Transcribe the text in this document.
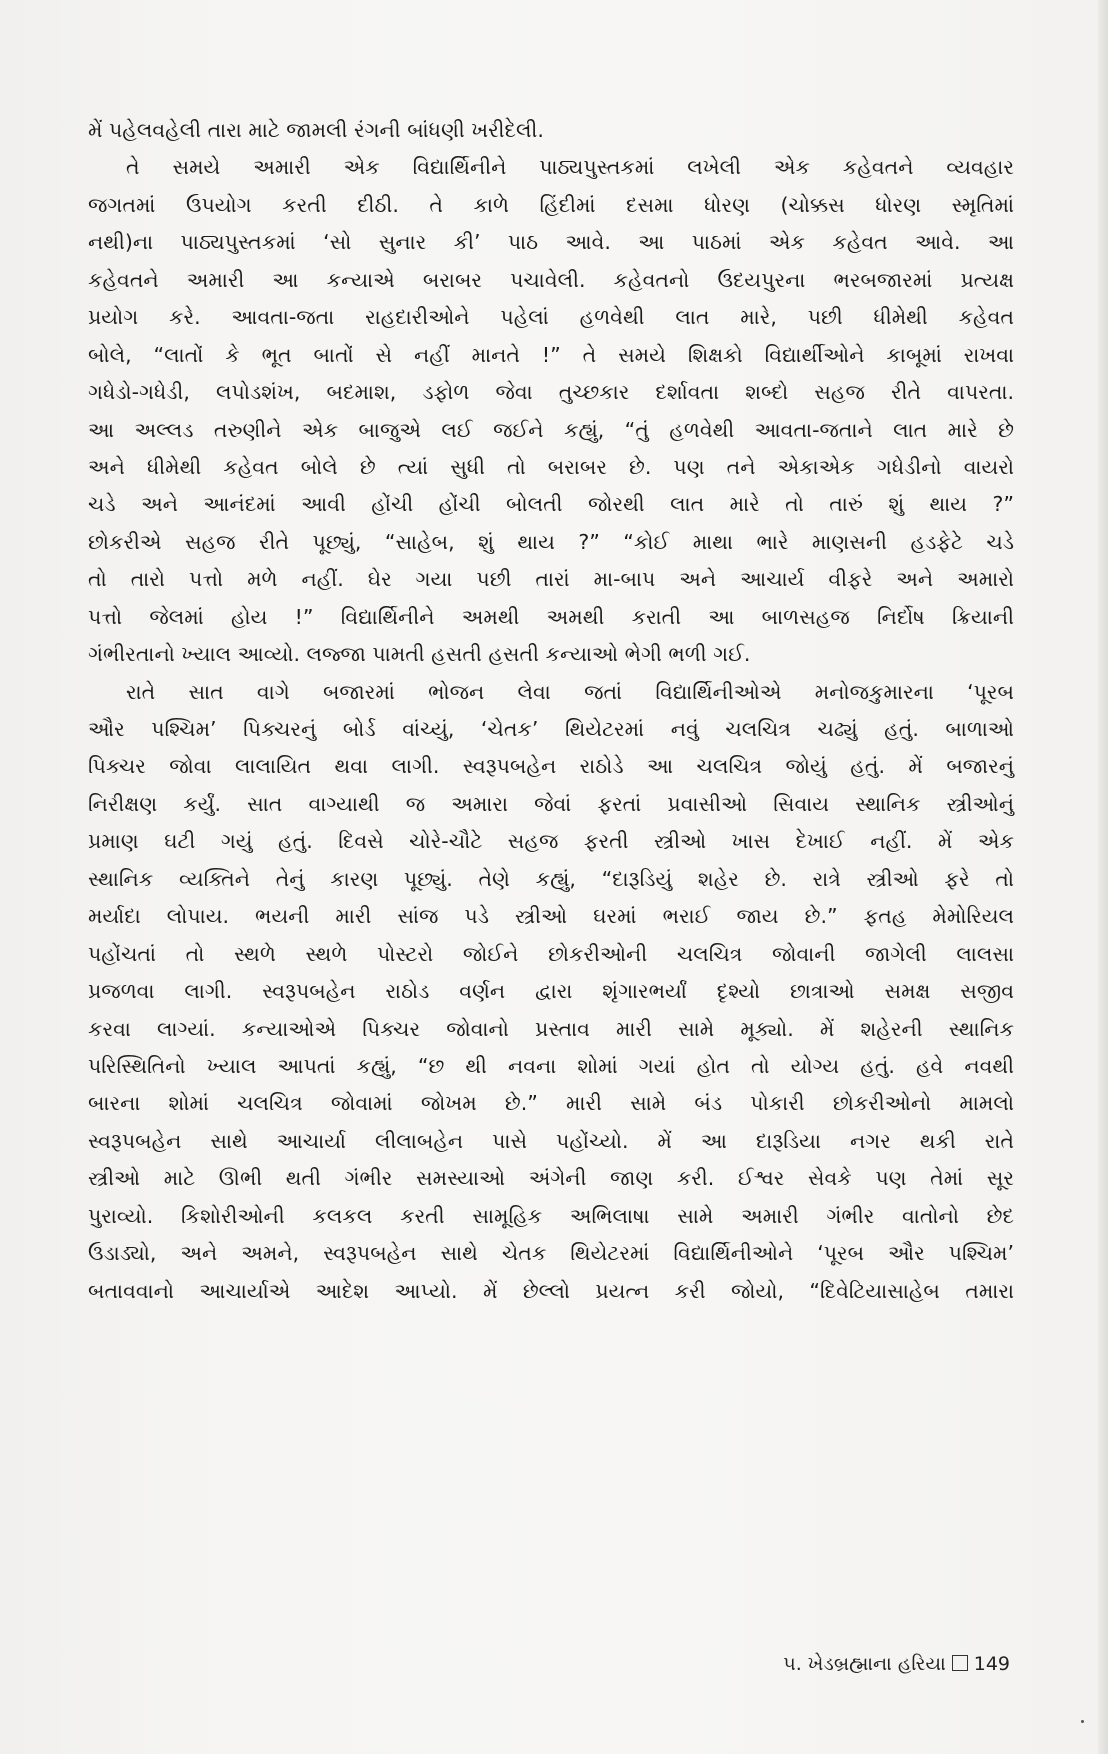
મેં પહેલવહેલી તારા માટે જામલી રંગની બાંધણી ખરીદેલી.
તે સમયે અમારી એક વિદ્યાર્થિનીને પાઠ્યપુસ્તકમાં લખેલી એક કહેવતને વ્યવહાર
જગતમાં ઉપયોગ કરતી દીઠી. તે કાળે હિંદીમાં દસમા ધોરણ (ચોક્કસ ધોરણ સ્મૃતિમાં
નથી)ના પાઠ્યપુસ્તકમાં ‘સો સુનાર કી’ પાઠ આવે. આ પાઠમાં એક કહેવત આવે. આ
કહેવતને અમારી આ કન્યાએ બરાબર પચાવેલી. કહેવતનો ઉદયપુરના ભરબજારમાં પ્રત્યક્ષ
પ્રયોગ કરે. આવતા-જતા રાહદારીઓને પહેલાં હળવેથી લાત મારે, પછી ધીમેથી કહેવત
બોલે, “લાતોં કે ભૂત બાતોં સે નહીં માનતે !” તે સમયે શિક્ષકો વિદ્યાર્થીઓને કાબૂમાં રાખવા
ગધેડો-ગધેડી, લપોડશંખ, બદમાશ, ડફોળ જેવા તુચ્છકાર દર્શાવતા શબ્દો સહજ રીતે વાપરતા.
આ અલ્લડ તરુણીને એક બાજુએ લઈ જઈને કહ્યું, “તું હળવેથી આવતા-જતાને લાત મારે છે
અને ધીમેથી કહેવત બોલે છે ત્યાં સુધી તો બરાબર છે. પણ તને એકાએક ગધેડીનો વાયરો
ચડે અને આનંદમાં આવી હોંચી હોંચી બોલતી જોરથી લાત મારે તો તારું શું થાય ?”
છોકરીએ સહજ રીતે પૂછ્યું, “સાહેબ, શું થાય ?” “કોઈ માથા ભારે માણસની હડફેટે ચડે
તો તારો પત્તો મળે નહીં. ઘેર ગયા પછી તારાં મા-બાપ અને આચાર્ય વીફરે અને અમારો
પત્તો જેલમાં હોય !” વિદ્યાર્થિનીને અમથી અમથી કરાતી આ બાળસહજ નિર્દોષ ક્રિયાની
ગંભીરતાનો ખ્યાલ આવ્યો. લજ્જા પામતી હસતી હસતી કન્યાઓ ભેગી ભળી ગઈ.
રાતે સાત વાગે બજારમાં ભોજન લેવા જતાં વિદ્યાર્થિનીઓએ મનોજકુમારના ‘પૂરબ
ઔર પશ્ચિમ’ પિક્ચરનું બોર્ડ વાંચ્યું, ‘ચેતક’ થિયેટરમાં નવું ચલચિત્ર ચઢ્યું હતું. બાળાઓ
પિક્ચર જોવા લાલાયિત થવા લાગી. સ્વરૂપબહેન રાઠોડે આ ચલચિત્ર જોયું હતું. મેં બજારનું
નિરીક્ષણ કર્યું. સાત વાગ્યાથી જ અમારા જેવાં ફરતાં પ્રવાસીઓ સિવાય સ્થાનિક સ્ત્રીઓનું
પ્રમાણ ઘટી ગયું હતું. દિવસે ચોરે-ચૌટે સહજ ફરતી સ્ત્રીઓ ખાસ દેખાઈ નહીં. મેં એક
સ્થાનિક વ્યક્તિને તેનું કારણ પૂછ્યું. તેણે કહ્યું, “દારૂડિયું શહેર છે. રાત્રે સ્ત્રીઓ ફરે તો
મર્યાદા લોપાય. ભયની મારી સાંજ પડે સ્ત્રીઓ ઘરમાં ભરાઈ જાય છે.” ફતહ મેમોરિયલ
પહોંચતાં તો સ્થળે સ્થળે પોસ્ટરો જોઈને છોકરીઓની ચલચિત્ર જોવાની જાગેલી લાલસા
પ્રજળવા લાગી. સ્વરૂપબહેન રાઠોડ વર્ણન દ્વારા શૃંગારભર્યાં દૃશ્યો છાત્રાઓ સમક્ષ સજીવ
કરવા લાગ્યાં. કન્યાઓએ પિક્ચર જોવાનો પ્રસ્તાવ મારી સામે મૂક્યો. મેં શહેરની સ્થાનિક
પરિસ્થિતિનો ખ્યાલ આપતાં કહ્યું, “છ થી નવના શોમાં ગયાં હોત તો યોગ્ય હતું. હવે નવથી
બારના શોમાં ચલચિત્ર જોવામાં જોખમ છે.” મારી સામે બંડ પોકારી છોકરીઓનો મામલો
સ્વરૂપબહેન સાથે આચાર્યા લીલાબહેન પાસે પહોંચ્યો. મેં આ દારૂડિયા નગર થકી રાતે
સ્ત્રીઓ માટે ઊભી થતી ગંભીર સમસ્યાઓ અંગેની જાણ કરી. ઈશ્વર સેવકે પણ તેમાં સૂર
પુરાવ્યો. કિશોરીઓની કલકલ કરતી સામૂહિક અભિલાષા સામે અમારી ગંભીર વાતોનો છેદ
ઉડાડ્યો, અને અમને, સ્વરૂપબહેન સાથે ચેતક થિયેટરમાં વિદ્યાર્થિનીઓને ‘પૂરબ ઔર પશ્ચિમ’
બતાવવાનો આચાર્યાએ આદેશ આપ્યો. મેં છેલ્લો પ્રયત્ન કરી જોયો, “દિવેટિયાસાહેબ તમારા
૫. ખેડબ્રહ્માના હરિયા 149
